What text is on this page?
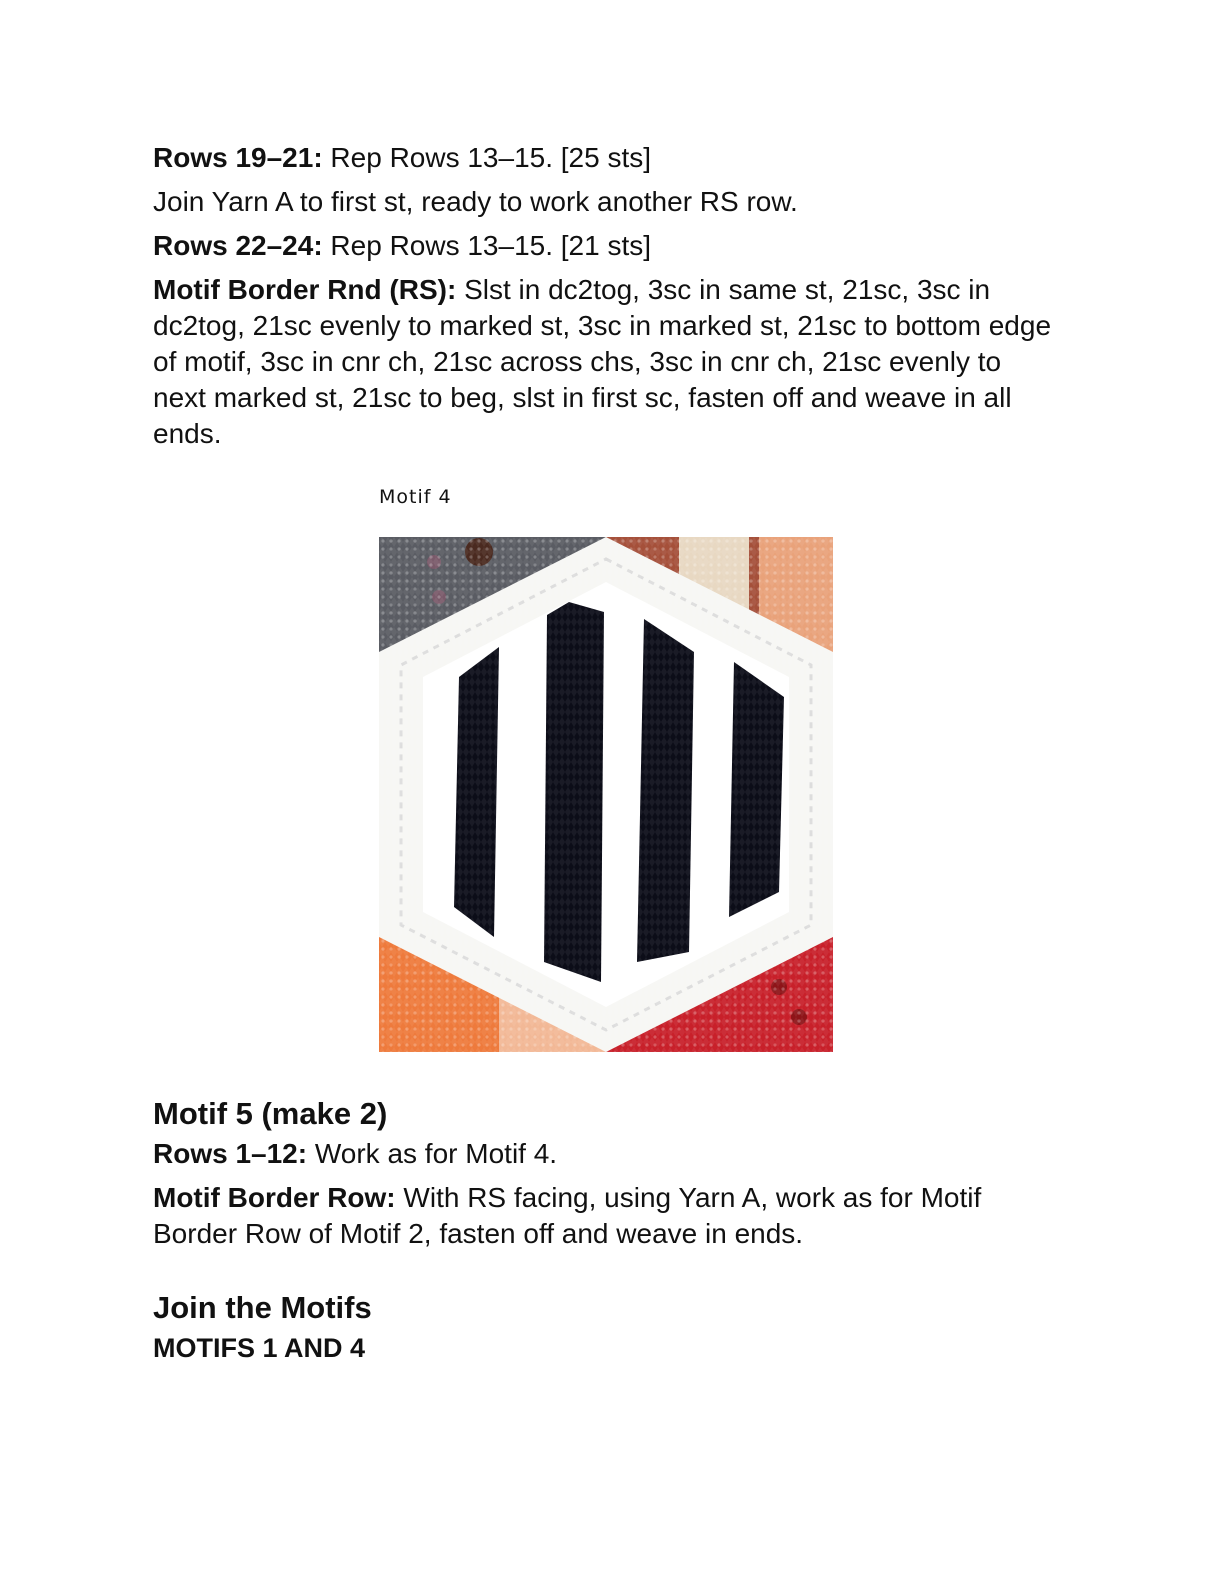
Rows 19–21: Rep Rows 13–15. [25 sts]

Join Yarn A to first st, ready to work another RS row.

Rows 22–24: Rep Rows 13–15. [21 sts]

Motif Border Rnd (RS): Slst in dc2tog, 3sc in same st, 21sc, 3sc in dc2tog, 21sc evenly to marked st, 3sc in marked st, 21sc to bottom edge of motif, 3sc in cnr ch, 21sc across chs, 3sc in cnr ch, 21sc evenly to next marked st, 21sc to beg, slst in first sc, fasten off and weave in all ends.

Motif 4
Motif 5 (make 2)

Rows 1–12: Work as for Motif 4.

Motif Border Row: With RS facing, using Yarn A, work as for Motif Border Row of Motif 2, fasten off and weave in ends.

Join the Motifs
MOTIFS 1 AND 4
